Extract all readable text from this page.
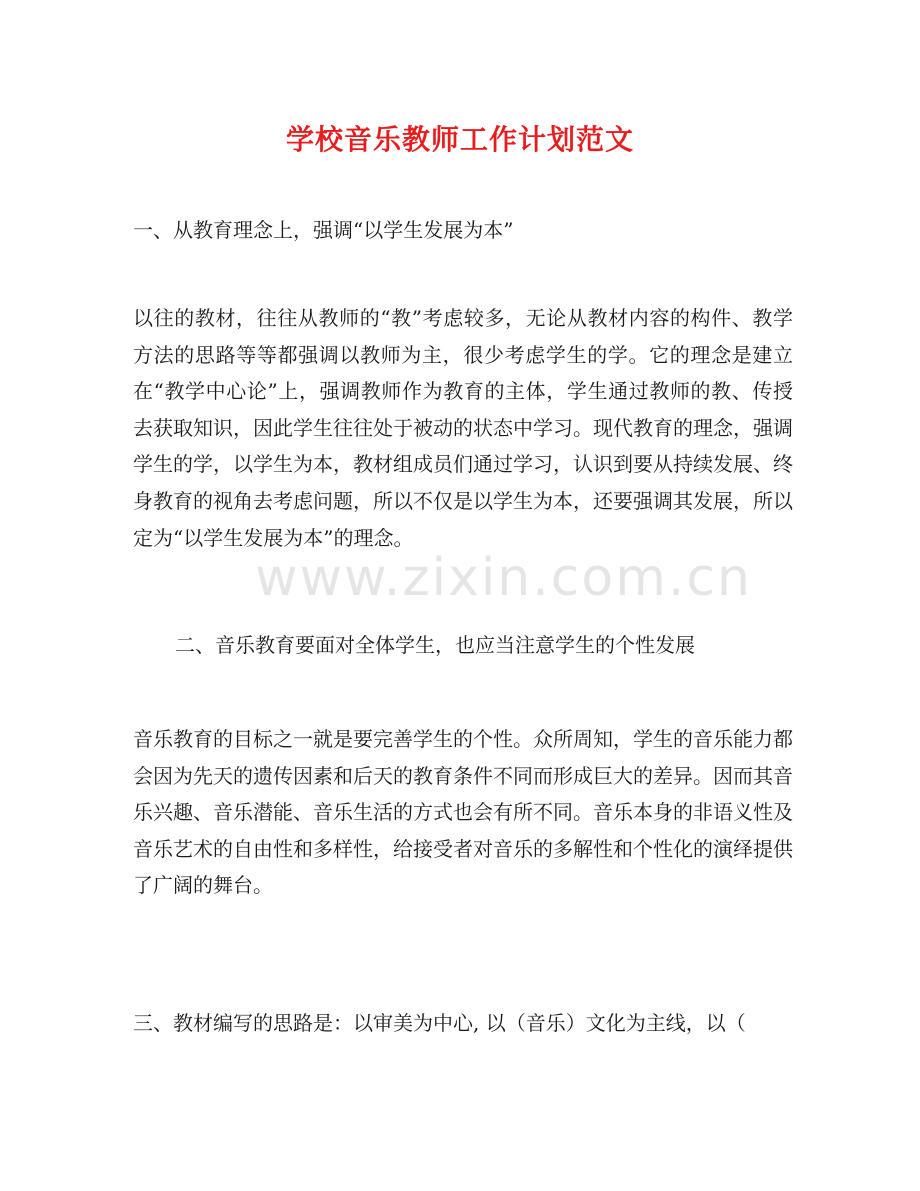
学校音乐教师工作计划范文
一、从教育理念上，强调“以学生发展为本”
以往的教材，往往从教师的“教”考虑较多，无论从教材内容的构件、教学方法的思路等等都强调以教师为主，很少考虑学生的学。它的理念是建立在“教学中心论”上，强调教师作为教育的主体，学生通过教师的教、传授去获取知识，因此学生往往处于被动的状态中学习。现代教育的理念，强调学生的学，以学生为本，教材组成员们通过学习，认识到要从持续发展、终身教育的视角去考虑问题，所以不仅是以学生为本，还要强调其发展，所以定为“以学生发展为本”的理念。
二、音乐教育要面对全体学生，也应当注意学生的个性发展
音乐教育的目标之一就是要完善学生的个性。众所周知，学生的音乐能力都会因为先天的遗传因素和后天的教育条件不同而形成巨大的差异。因而其音乐兴趣、音乐潜能、音乐生活的方式也会有所不同。音乐本身的非语义性及音乐艺术的自由性和多样性，给接受者对音乐的多解性和个性化的演绎提供了广阔的舞台。
三、教材编写的思路是：以审美为中心, 以（音乐）文化为主线，以（
www.zixin.com.cn
